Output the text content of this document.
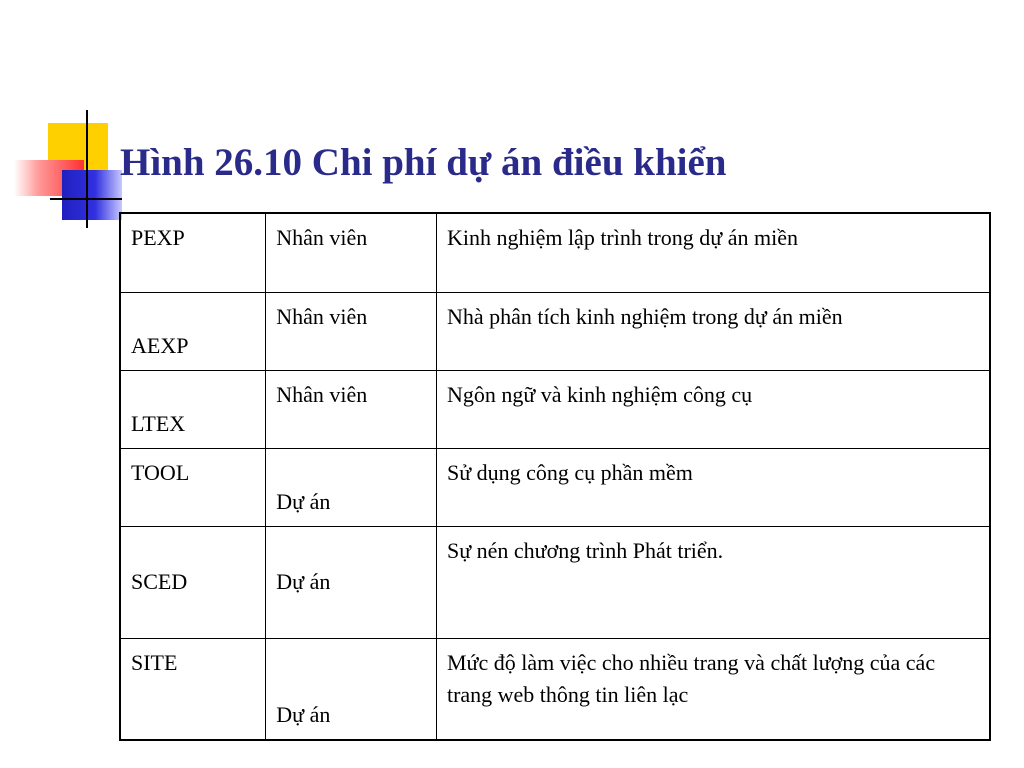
Hình 26.10 Chi phí dự án điều khiển
PEXP	Nhân viên	Kinh nghiệm lập trình trong dự án miền
AEXP	Nhân viên	Nhà phân tích kinh nghiệm trong dự án miền
LTEX	Nhân viên	Ngôn ngữ và kinh nghiệm công cụ
TOOL	Dự án	Sử dụng công cụ phần mềm
SCED	Dự án	Sự nén chương trình Phát triển.
SITE	Dự án	Mức độ làm việc cho nhiều trang và chất lượng của các trang web thông tin liên lạc
